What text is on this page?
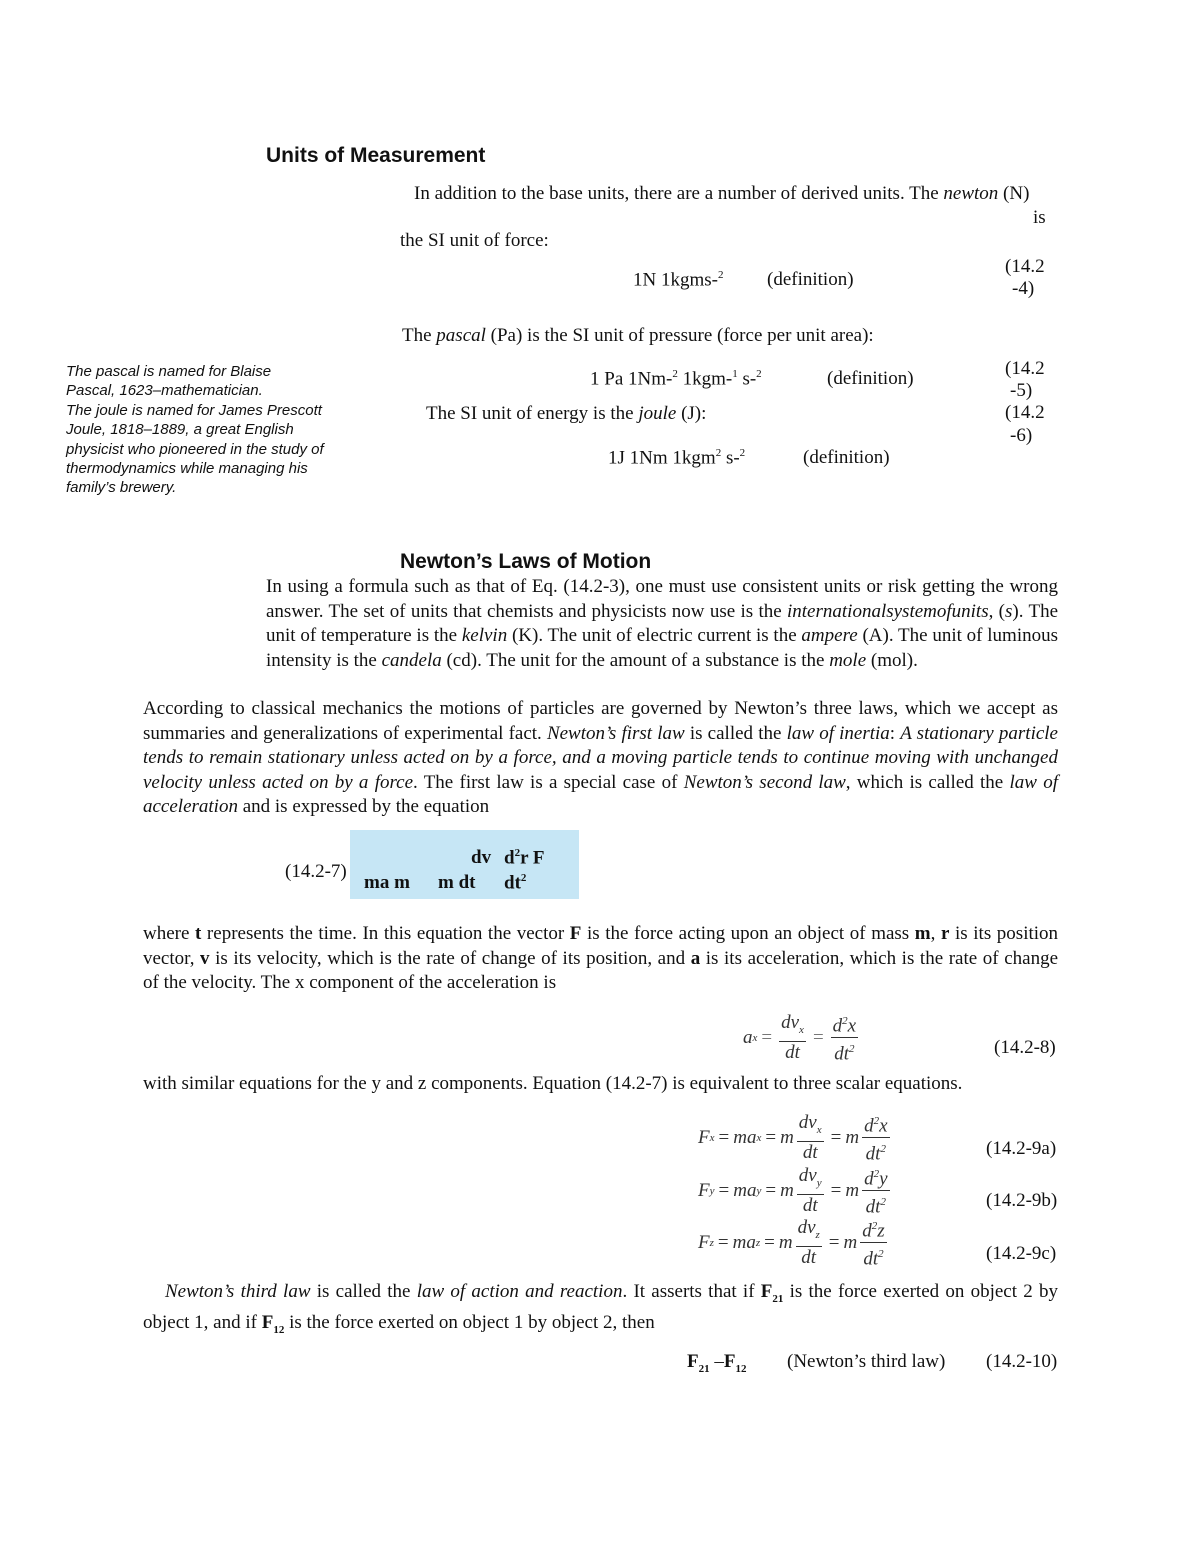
Units of Measurement
In addition to the base units, there are a number of derived units. The newton (N)
is
the SI unit of force:
1N 1kgms-$^2$ (definition)
(14.2
-4)
The pascal (Pa) is the SI unit of pressure (force per unit area):
The pascal is named for Blaise
Pascal, 1623–mathematician.
The joule is named for James Prescott
Joule, 1818–1889, a great English
physicist who pioneered in the study of
thermodynamics while managing his
family’s brewery.
1 Pa 1Nm-$^2$ 1kgm-$^1$ s-$^2$	(definition)	(14.2
-5)
The SI unit of energy is the joule (J):	(14.2
-6)
1J 1Nm 1kgm$^2$ s-$^2$	(definition)
Newton’s Laws of Motion
In using a formula such as that of Eq. (14.2-3), one must use consistent units or risk getting the wrong answer. The set of units that chemists and physicists now use is the internationalsystemofunits, (s). The unit of temperature is the kelvin (K). The unit of electric current is the ampere (A). The unit of luminous intensity is the candela (cd). The unit for the amount of a substance is the mole (mol).
According to classical mechanics the motions of particles are governed by Newton’s three laws, which we accept as summaries and generalizations of experimental fact. Newton’s first law is called the law of inertia: A stationary particle tends to remain stationary unless acted on by a force, and a moving particle tends to continue moving with unchanged velocity unless acted on by a force. The first law is a special case of Newton’s second law, which is called the law of acceleration and is expressed by the equation
(14.2-7)
dv $d^2r$ F
ma m m dt $dt^2$
where t represents the time. In this equation the vector F is the force acting upon an object of mass m, r is its position vector, v is its velocity, which is the rate of change of its position, and a is its acceleration, which is the rate of change of the velocity. The x component of the acceleration is
a $x = \frac{dv_x}{dt} = \frac{d^2x}{dt^2}$	(14.2-8)
with similar equations for the y and z components. Equation (14.2-7) is equivalent to three scalar equations.
F x = ma x = m $\frac{dv_x}{dt} = m \frac{d^2x}{dt^2}$	(14.2-9a)
F y = ma y = m $\frac{dv_y}{dt} = m \frac{d^2y}{dt^2}$	(14.2-9b)
F z = ma z = m $\frac{dv_z}{dt} = m \frac{d^2z}{dt^2}$	(14.2-9c)
Newton’s third law is called the law of action and reaction. It asserts that if $F_{21}$ is the force exerted on object 2 by object 1, and if $F_{12}$ is the force exerted on object 1 by object 2, then
$F_{21}$ $-F_{12}$ (Newton’s third law) (14.2-10)
